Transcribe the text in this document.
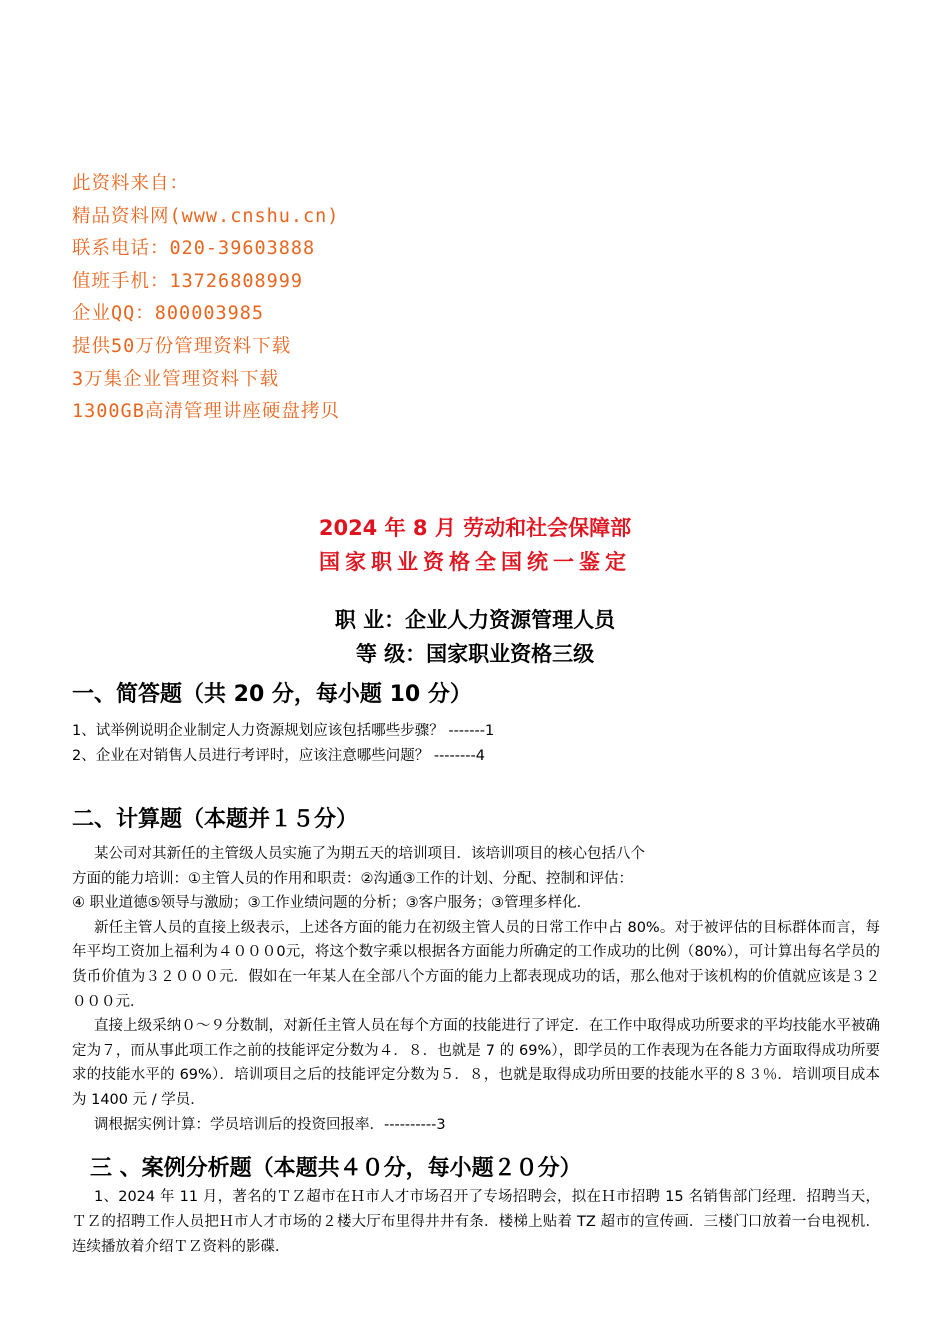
此资料来自：
精品资料网(www.cnshu.cn)
联系电话：020-39603888
值班手机：13726808999
企业QQ：800003985
提供50万份管理资料下载
3万集企业管理资料下载
1300GB高清管理讲座硬盘拷贝
2024 年 8 月 劳动和社会保障部
国家职业资格全国统一鉴定
职 业：企业人力资源管理人员
等 级：国家职业资格三级
一、简答题（共 20 分，每小题 10 分）
1、试举例说明企业制定人力资源规划应该包括哪些步骤？ -------1
2、企业在对销售人员进行考评时，应该注意哪些问题？ --------4
二、计算题（本题并１５分）

某公司对其新任的主管级人员实施了为期五天的培训项目．该培训项目的核心包括八个

方面的能力培训：①主管人员的作用和职责：②沟通③工作的计划、分配、控制和评估：

④ 职业道德⑤领导与激励；③工作业绩问题的分析；③客户服务；③管理多样化．

新任主管人员的直接上级表示，上述各方面的能力在初级主管人员的日常工作中占 80%。对于被评估的目标群体而言，每年平均工资加上福利为４０００0元，将这个数字乘以根据各方面能力所确定的工作成功的比例（80%），可计算出每名学员的货币价值为３２０００元．假如在一年某人在全部八个方面的能力上都表现成功的话，那么他对于该机构的价值就应该是３２０００元．

直接上级采纳０～９分数制，对新任主管人员在每个方面的技能进行了评定．在工作中取得成功所要求的平均技能水平被确定为７，而从事此项工作之前的技能评定分数为４．８．也就是 7 的 69%），即学员的工作表现为在各能力方面取得成功所要求的技能水平的 69%）．培训项目之后的技能评定分数为５．８，也就是取得成功所田要的技能水平的８３％．培训项目成本为 1400 元 / 学员．

调根据实例计算：学员培训后的投资回报率．----------3

三 、案例分析题（本题共４０分，每小题２０分）

1、2024 年 11 月，著名的ＴＺ超市在Ｈ市人才市场召开了专场招聘会，拟在Ｈ市招聘 15 名销售部门经理．招聘当天，ＴＺ的招聘工作人员把Ｈ市人才市场的２楼大厅布里得井井有条．楼梯上贴着 TZ 超市的宣传画．三楼门口放着一台电视机．连续播放着介绍ＴＺ资料的影碟．
